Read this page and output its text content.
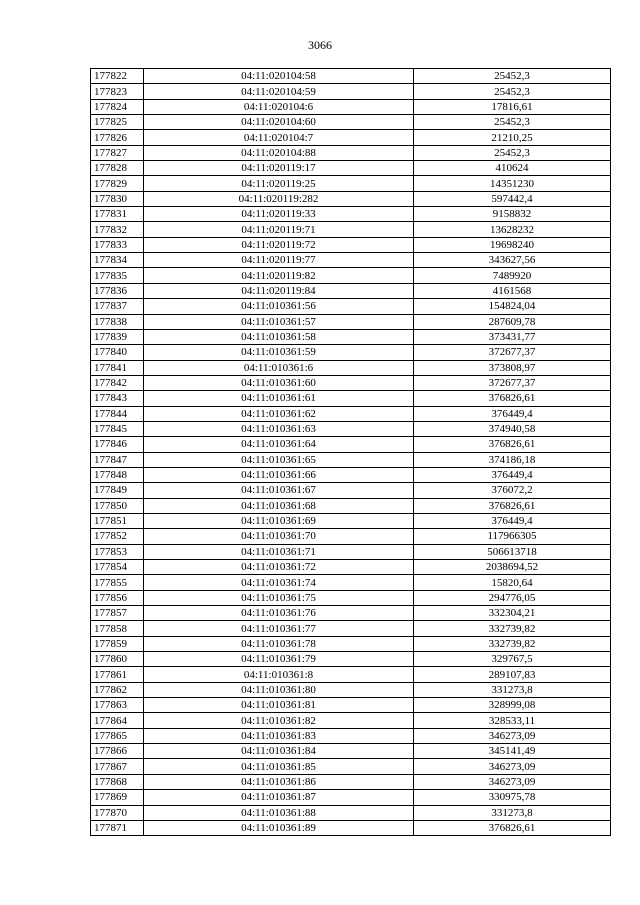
3066
177822	04:11:020104:58	25452,3
177823	04:11:020104:59	25452,3
177824	04:11:020104:6	17816,61
177825	04:11:020104:60	25452,3
177826	04:11:020104:7	21210,25
177827	04:11:020104:88	25452,3
177828	04:11:020119:17	410624
177829	04:11:020119:25	14351230
177830	04:11:020119:282	597442,4
177831	04:11:020119:33	9158832
177832	04:11:020119:71	13628232
177833	04:11:020119:72	19698240
177834	04:11:020119:77	343627,56
177835	04:11:020119:82	7489920
177836	04:11:020119:84	4161568
177837	04:11:010361:56	154824,04
177838	04:11:010361:57	287609,78
177839	04:11:010361:58	373431,77
177840	04:11:010361:59	372677,37
177841	04:11:010361:6	373808,97
177842	04:11:010361:60	372677,37
177843	04:11:010361:61	376826,61
177844	04:11:010361:62	376449,4
177845	04:11:010361:63	374940,58
177846	04:11:010361:64	376826,61
177847	04:11:010361:65	374186,18
177848	04:11:010361:66	376449,4
177849	04:11:010361:67	376072,2
177850	04:11:010361:68	376826,61
177851	04:11:010361:69	376449,4
177852	04:11:010361:70	117966305
177853	04:11:010361:71	506613718
177854	04:11:010361:72	2038694,52
177855	04:11:010361:74	15820,64
177856	04:11:010361:75	294776,05
177857	04:11:010361:76	332304,21
177858	04:11:010361:77	332739,82
177859	04:11:010361:78	332739,82
177860	04:11:010361:79	329767,5
177861	04:11:010361:8	289107,83
177862	04:11:010361:80	331273,8
177863	04:11:010361:81	328999,08
177864	04:11:010361:82	328533,11
177865	04:11:010361:83	346273,09
177866	04:11:010361:84	345141,49
177867	04:11:010361:85	346273,09
177868	04:11:010361:86	346273,09
177869	04:11:010361:87	330975,78
177870	04:11:010361:88	331273,8
177871	04:11:010361:89	376826,61
